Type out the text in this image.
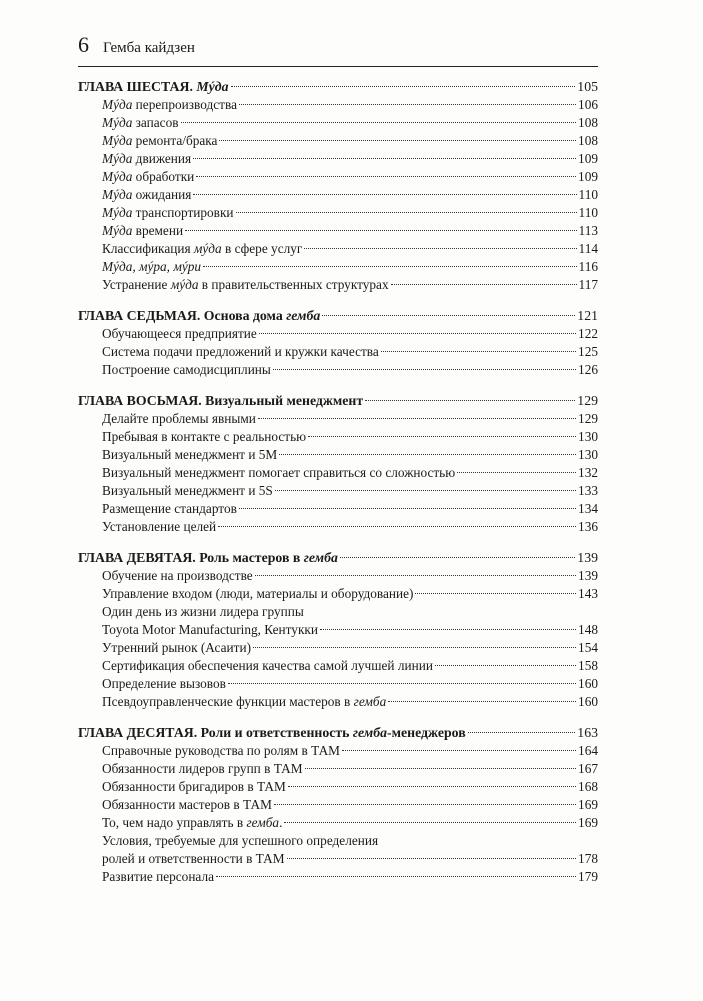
6 Гемба кайдзен
ГЛАВА ШЕСТАЯ. Мýда	105
Мýда перепроизводства	106
Мýда запасов	108
Мýда ремонта/брака	108
Мýда движения	109
Мýда обработки	109
Мýда ожидания	110
Мýда транспортировки	110
Мýда времени	113
Классификация мýда в сфере услуг	114
Мýда, мýра, мýри	116
Устранение мýда в правительственных структурах	117
ГЛАВА СЕДЬМАЯ. Основа дома гемба	121
Обучающееся предприятие	122
Система подачи предложений и кружки качества	125
Построение самодисциплины	126
ГЛАВА ВОСЬМАЯ. Визуальный менеджмент	129
Делайте проблемы явными	129
Пребывая в контакте с реальностью	130
Визуальный менеджмент и 5M	130
Визуальный менеджмент помогает справиться со сложностью	132
Визуальный менеджмент и 5S	133
Размещение стандартов	134
Установление целей	136
ГЛАВА ДЕВЯТАЯ. Роль мастеров в гемба	139
Обучение на производстве	139
Управление входом (люди, материалы и оборудование)	143
Один день из жизни лидера группы
Toyota Motor Manufacturing, Кентукки	148
Утренний рынок (Асаити)	154
Сертификация обеспечения качества самой лучшей линии	158
Определение вызовов	160
Псевдоуправленческие функции мастеров в гемба	160
ГЛАВА ДЕСЯТАЯ. Роли и ответственность гемба-менеджеров	163
Справочные руководства по ролям в ТАМ	164
Обязанности лидеров групп в ТАМ	167
Обязанности бригадиров в ТАМ	168
Обязанности мастеров в ТАМ	169
То, чем надо управлять в гемба.	169
Условия, требуемые для успешного определения
ролей и ответственности в ТАМ	178
Развитие персонала	179
